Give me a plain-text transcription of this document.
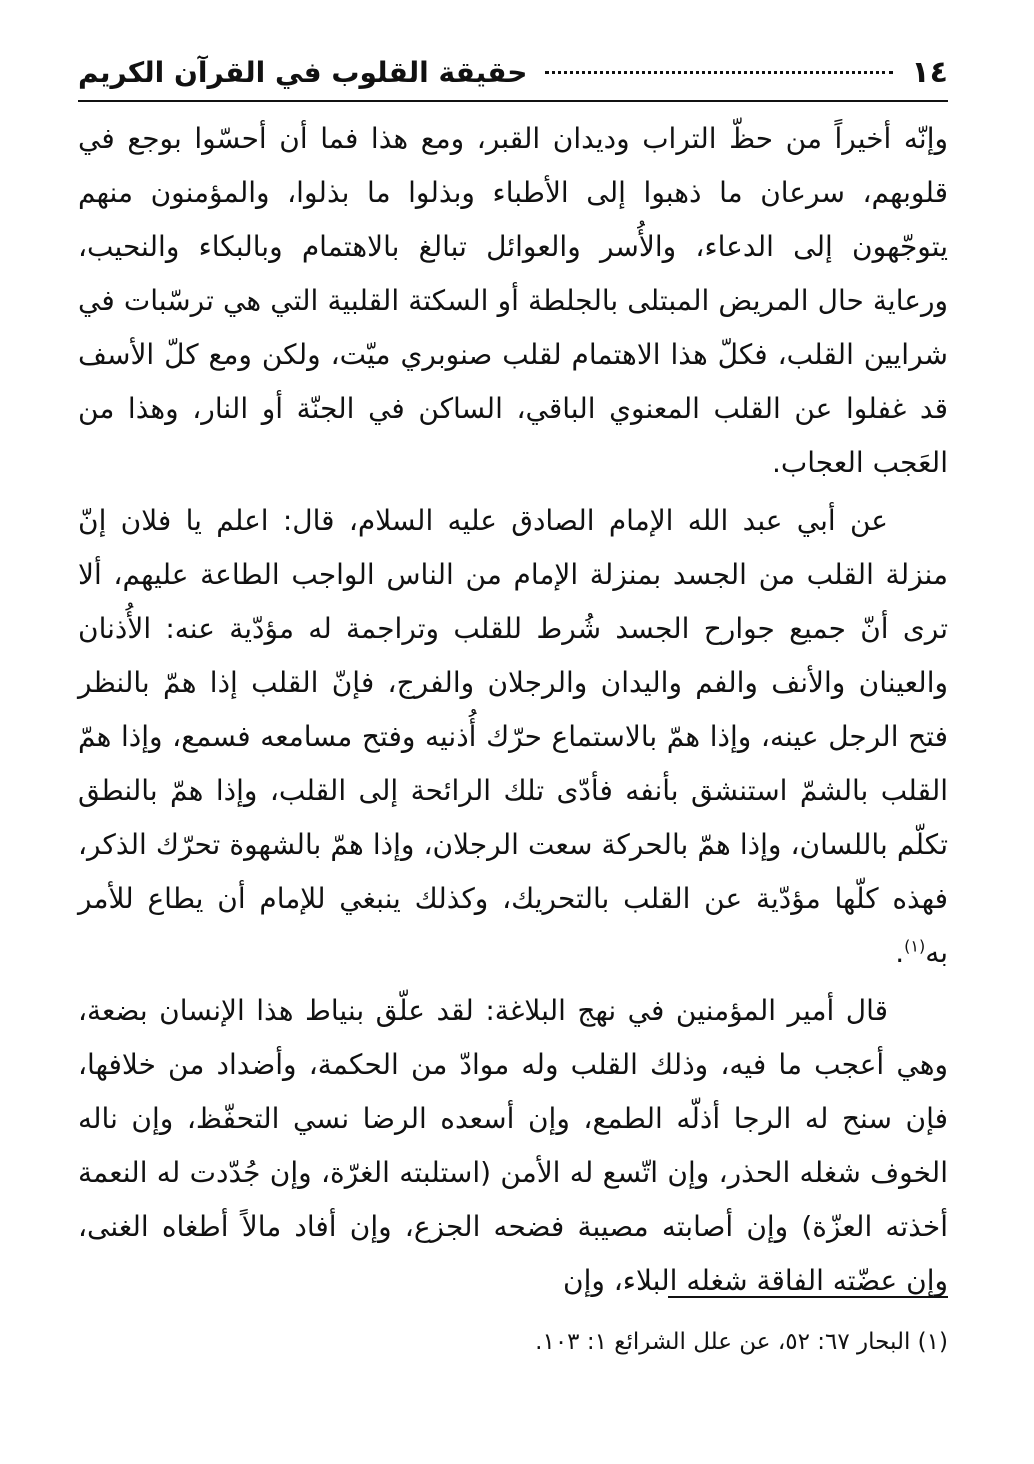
١٤
حقيقة القلوب في القرآن الكريم

وإنّه أخيراً من حظّ التراب وديدان القبر، ومع هذا فما أن أحسّوا بوجع في قلوبهم، سرعان ما ذهبوا إلى الأطباء وبذلوا ما بذلوا، والمؤمنون منهم يتوجّهون إلى الدعاء، والأُسر والعوائل تبالغ بالاهتمام وبالبكاء والنحيب، ورعاية حال المريض المبتلى بالجلطة أو السكتة القلبية التي هي ترسّبات في شرايين القلب، فكلّ هذا الاهتمام لقلب صنوبري ميّت، ولكن ومع كلّ الأسف قد غفلوا عن القلب المعنوي الباقي، الساكن في الجنّة أو النار، وهذا من العَجب العجاب.

عن أبي عبد الله الإمام الصادق عليه السلام، قال: اعلم يا فلان إنّ منزلة القلب من الجسد بمنزلة الإمام من الناس الواجب الطاعة عليهم، ألا ترى أنّ جميع جوارح الجسد شُرط للقلب وتراجمة له مؤدّية عنه: الأُذنان والعينان والأنف والفم واليدان والرجلان والفرج، فإنّ القلب إذا همّ بالنظر فتح الرجل عينه، وإذا همّ بالاستماع حرّك أُذنيه وفتح مسامعه فسمع، وإذا همّ القلب بالشمّ استنشق بأنفه فأدّى تلك الرائحة إلى القلب، وإذا همّ بالنطق تكلّم باللسان، وإذا همّ بالحركة سعت الرجلان، وإذا همّ بالشهوة تحرّك الذكر، فهذه كلّها مؤدّية عن القلب بالتحريك، وكذلك ينبغي للإمام أن يطاع للأمر به$^{(١)}$.

قال أمير المؤمنين في نهج البلاغة: لقد علّق بنياط هذا الإنسان بضعة، وهي أعجب ما فيه، وذلك القلب وله موادّ من الحكمة، وأضداد من خلافها، فإن سنح له الرجا أذلّه الطمع، وإن أسعده الرضا نسي التحفّظ، وإن ناله الخوف شغله الحذر، وإن اتّسع له الأمن (استلبته الغرّة، وإن جُدّدت له النعمة أخذته العزّة) وإن أصابته مصيبة فضحه الجزع، وإن أفاد مالاً أطغاه الغنى، وإن عضّته الفاقة شغله البلاء، وإن

(١) البحار ٦٧: ٥٢، عن علل الشرائع ١: ١٠٣.
